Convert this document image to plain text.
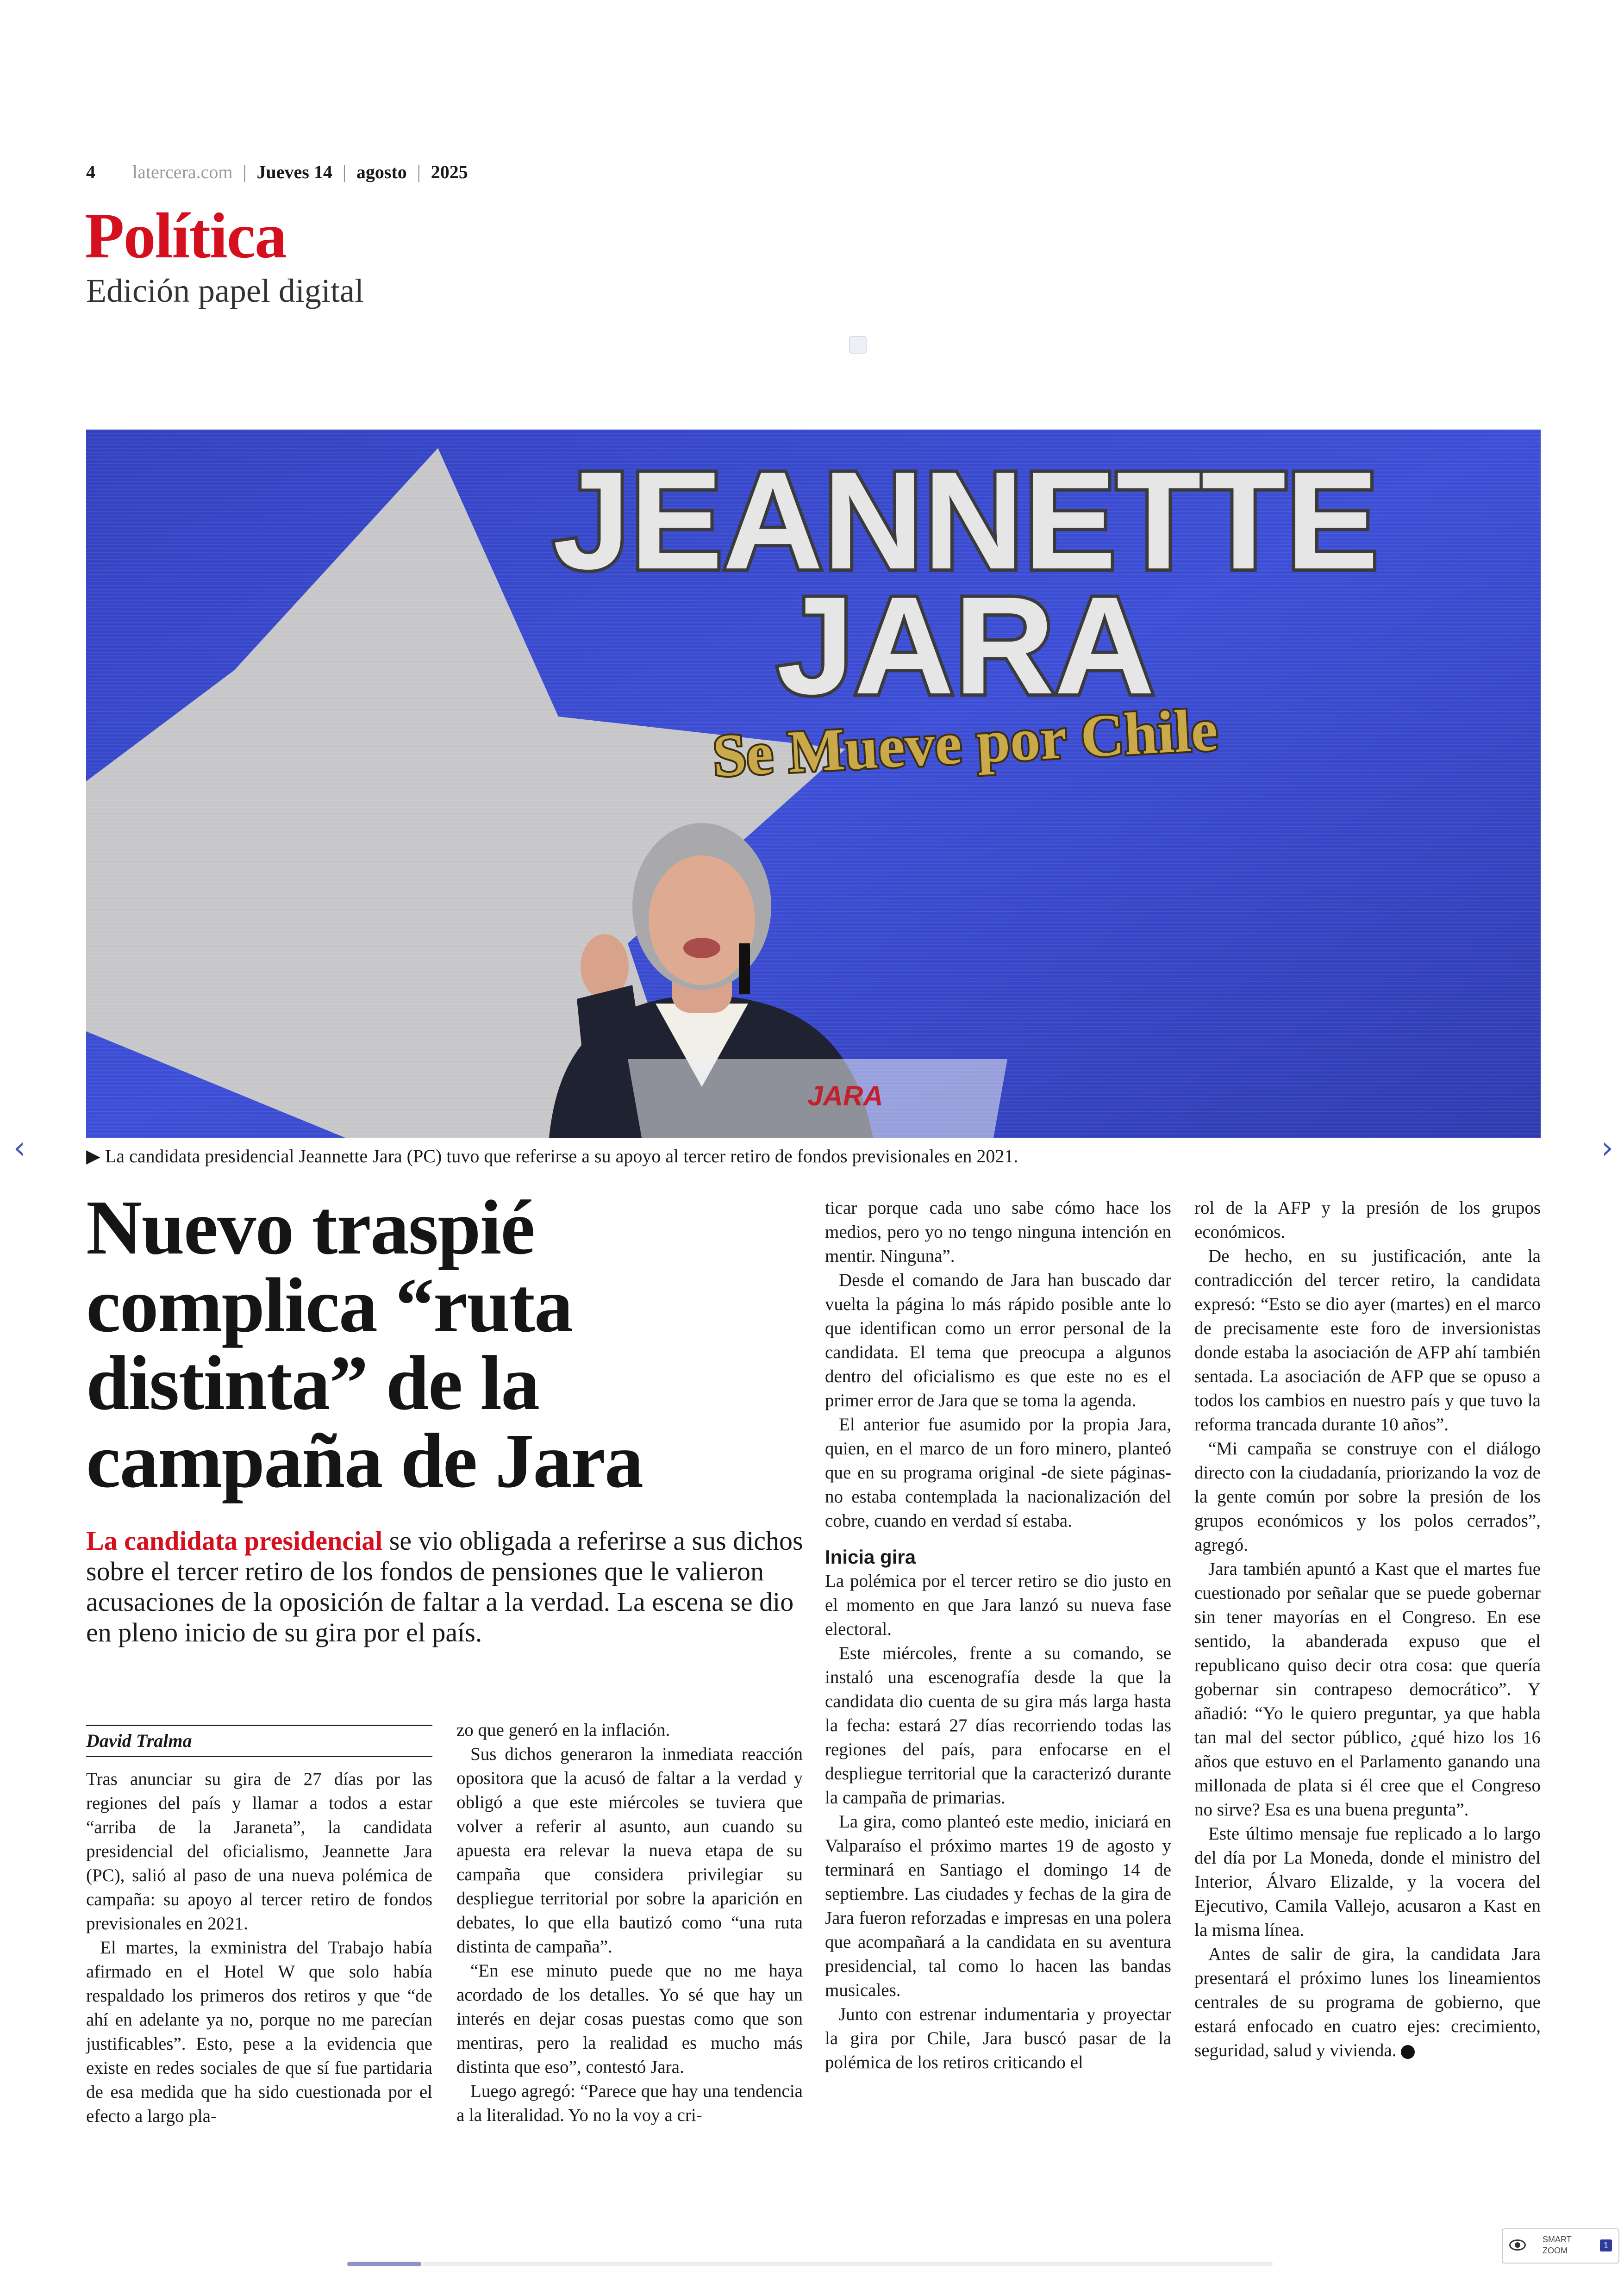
4 latercera.com | Jueves 14 | agosto | 2025
Política
Edición papel digital
JEANNETTE
JARA
Se Mueve por Chile
JARA
▶ La candidata presidencial Jeannette Jara (PC) tuvo que referirse a su apoyo al tercer retiro de fondos previsionales en 2021.
‹	›
Nuevo traspié complica “ruta distinta” de la campaña de Jara
La candidata presidencial se vio obligada a referirse a sus dichos sobre el tercer retiro de los fondos de pensiones que le valieron acusaciones de la oposición de faltar a la verdad. La escena se dio en pleno inicio de su gira por el país.
David Tralma

Tras anunciar su gira de 27 días por las regiones del país y llamar a todos a estar “arriba de la Jaraneta”, la candidata presidencial del oficialismo, Jeannette Jara (PC), salió al paso de una nueva polémica de campaña: su apoyo al tercer retiro de fondos previsionales en 2021.

El martes, la exministra del Trabajo había afirmado en el Hotel W que solo había respaldado los primeros dos retiros y que “de ahí en adelante ya no, porque no me parecían justificables”. Esto, pese a la evidencia que existe en redes sociales de que sí fue partidaria de esa medida que ha sido cuestionada por el efecto a largo pla-

zo que generó en la inflación.

Sus dichos generaron la inmediata reacción opositora que la acusó de faltar a la verdad y obligó a que este miércoles se tuviera que volver a referir al asunto, aun cuando su apuesta era relevar la nueva etapa de su campaña que considera privilegiar su despliegue territorial por sobre la aparición en debates, lo que ella bautizó como “una ruta distinta de campaña”.

“En ese minuto puede que no me haya acordado de los detalles. Yo sé que hay un interés en dejar cosas puestas como que son mentiras, pero la realidad es mucho más distinta que eso”, contestó Jara.

Luego agregó: “Parece que hay una tendencia a la literalidad. Yo no la voy a cri-

ticar porque cada uno sabe cómo hace los medios, pero yo no tengo ninguna intención en mentir. Ninguna”.

Desde el comando de Jara han buscado dar vuelta la página lo más rápido posible ante lo que identifican como un error personal de la candidata. El tema que preocupa a algunos dentro del oficialismo es que este no es el primer error de Jara que se toma la agenda.

El anterior fue asumido por la propia Jara, quien, en el marco de un foro minero, planteó que en su programa original -de siete páginas- no estaba contemplada la nacionalización del cobre, cuando en verdad sí estaba.

Inicia gira

La polémica por el tercer retiro se dio justo en el momento en que Jara lanzó su nueva fase electoral.

Este miércoles, frente a su comando, se instaló una escenografía desde la que la candidata dio cuenta de su gira más larga hasta la fecha: estará 27 días recorriendo todas las regiones del país, para enfocarse en el despliegue territorial que la caracterizó durante la campaña de primarias.

La gira, como planteó este medio, iniciará en Valparaíso el próximo martes 19 de agosto y terminará en Santiago el domingo 14 de septiembre. Las ciudades y fechas de la gira de Jara fueron reforzadas e impresas en una polera que acompañará a la candidata en su aventura presidencial, tal como lo hacen las bandas musicales.

Junto con estrenar indumentaria y proyectar la gira por Chile, Jara buscó pasar de la polémica de los retiros criticando el

rol de la AFP y la presión de los grupos económicos.

De hecho, en su justificación, ante la contradicción del tercer retiro, la candidata expresó: “Esto se dio ayer (martes) en el marco de precisamente este foro de inversionistas donde estaba la asociación de AFP ahí también sentada. La asociación de AFP que se opuso a todos los cambios en nuestro país y que tuvo la reforma trancada durante 10 años”.

“Mi campaña se construye con el diálogo directo con la ciudadanía, priorizando la voz de la gente común por sobre la presión de los grupos económicos y los polos cerrados”, agregó.

Jara también apuntó a Kast que el martes fue cuestionado por señalar que se puede gobernar sin tener mayorías en el Congreso. En ese sentido, la abanderada expuso que el republicano quiso decir otra cosa: que quería gobernar sin contrapeso democrático”. Y añadió: “Yo le quiero preguntar, ya que habla tan mal del sector público, ¿qué hizo los 16 años que estuvo en el Parlamento ganando una millonada de plata si él cree que el Congreso no sirve? Esa es una buena pregunta”.

Este último mensaje fue replicado a lo largo del día por La Moneda, donde el ministro del Interior, Álvaro Elizalde, y la vocera del Ejecutivo, Camila Vallejo, acusaron a Kast en la misma línea.

Antes de salir de gira, la candidata Jara presentará el próximo lunes los lineamientos centrales de su programa de gobierno, que estará enfocado en cuatro ejes: crecimiento, seguridad, salud y vivienda.

SMART
ZOOM
1
